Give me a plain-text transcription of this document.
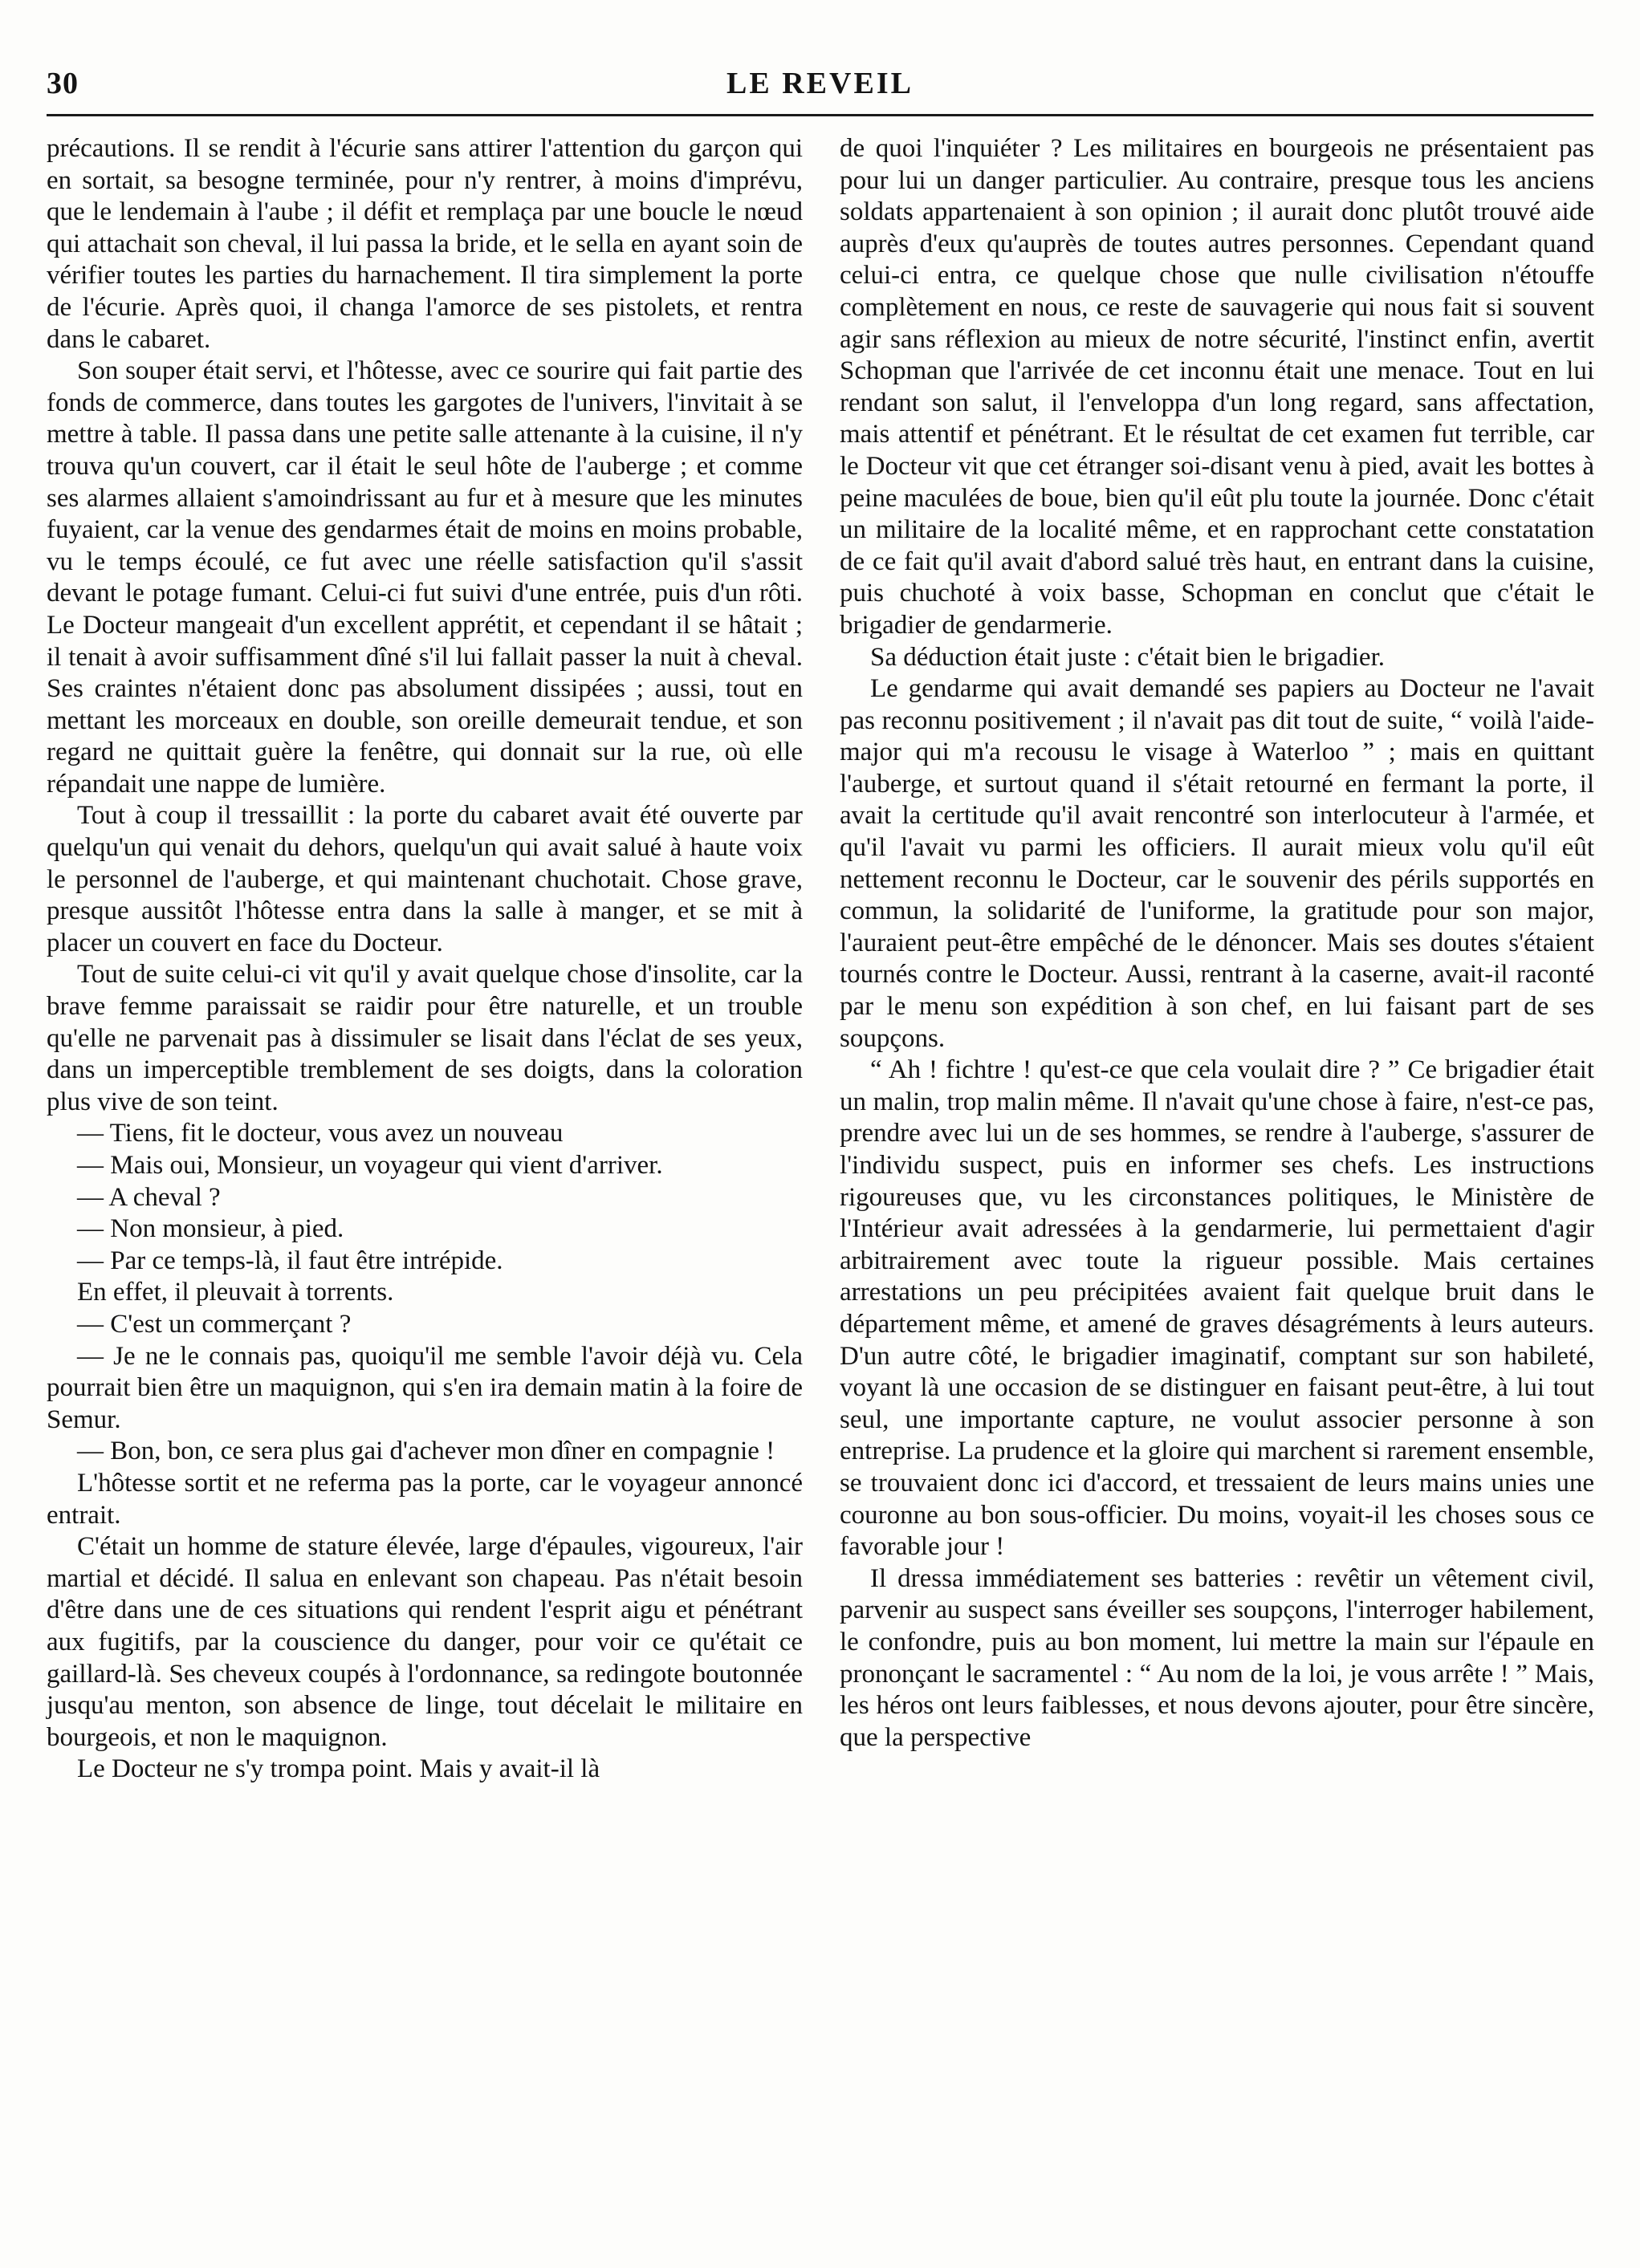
30	LE REVEIL

précautions. Il se rendit à l'écurie sans attirer l'attention du garçon qui en sortait, sa besogne terminée, pour n'y rentrer, à moins d'imprévu, que le lendemain à l'aube ; il défit et remplaça par une boucle le nœud qui attachait son cheval, il lui passa la bride, et le sella en ayant soin de vérifier toutes les parties du harnachement. Il tira simplement la porte de l'écurie. Après quoi, il changa l'amorce de ses pistolets, et rentra dans le cabaret.

Son souper était servi, et l'hôtesse, avec ce sourire qui fait partie des fonds de commerce, dans toutes les gargotes de l'univers, l'invitait à se mettre à table. Il passa dans une petite salle attenante à la cuisine, il n'y trouva qu'un couvert, car il était le seul hôte de l'auberge ; et comme ses alarmes allaient s'amoindrissant au fur et à mesure que les minutes fuyaient, car la venue des gendarmes était de moins en moins probable, vu le temps écoulé, ce fut avec une réelle satisfaction qu'il s'assit devant le potage fumant. Celui-ci fut suivi d'une entrée, puis d'un rôti. Le Docteur mangeait d'un excellent apprétit, et cependant il se hâtait ; il tenait à avoir suffisamment dîné s'il lui fallait passer la nuit à cheval. Ses craintes n'étaient donc pas absolument dissipées ; aussi, tout en mettant les morceaux en double, son oreille demeurait tendue, et son regard ne quittait guère la fenêtre, qui donnait sur la rue, où elle répandait une nappe de lumière.

Tout à coup il tressaillit : la porte du cabaret avait été ouverte par quelqu'un qui venait du dehors, quelqu'un qui avait salué à haute voix le personnel de l'auberge, et qui maintenant chuchotait. Chose grave, presque aussitôt l'hôtesse entra dans la salle à manger, et se mit à placer un couvert en face du Docteur.

Tout de suite celui-ci vit qu'il y avait quelque chose d'insolite, car la brave femme paraissait se raidir pour être naturelle, et un trouble qu'elle ne parvenait pas à dissimuler se lisait dans l'éclat de ses yeux, dans un imperceptible tremblement de ses doigts, dans la coloration plus vive de son teint.

— Tiens, fit le docteur, vous avez un nouveau

— Mais oui, Monsieur, un voyageur qui vient d'arriver.

— A cheval ?

— Non monsieur, à pied.

— Par ce temps-là, il faut être intrépide.

En effet, il pleuvait à torrents.

— C'est un commerçant ?

— Je ne le connais pas, quoiqu'il me semble l'avoir déjà vu. Cela pourrait bien être un maquignon, qui s'en ira demain matin à la foire de Semur.

— Bon, bon, ce sera plus gai d'achever mon dîner en compagnie !

L'hôtesse sortit et ne referma pas la porte, car le voyageur annoncé entrait.

C'était un homme de stature élevée, large d'épaules, vigoureux, l'air martial et décidé. Il salua en enlevant son chapeau. Pas n'était besoin d'être dans une de ces situations qui rendent l'esprit aigu et pénétrant aux fugitifs, par la couscience du danger, pour voir ce qu'était ce gaillard-là. Ses cheveux coupés à l'ordonnance, sa redingote boutonnée jusqu'au menton, son absence de linge, tout décelait le militaire en bourgeois, et non le maquignon.

Le Docteur ne s'y trompa point. Mais y avait-il là

de quoi l'inquiéter ? Les militaires en bourgeois ne présentaient pas pour lui un danger particulier. Au contraire, presque tous les anciens soldats appartenaient à son opinion ; il aurait donc plutôt trouvé aide auprès d'eux qu'auprès de toutes autres personnes. Cependant quand celui-ci entra, ce quelque chose que nulle civilisation n'étouffe complètement en nous, ce reste de sauvagerie qui nous fait si souvent agir sans réflexion au mieux de notre sécurité, l'instinct enfin, avertit Schopman que l'arrivée de cet inconnu était une menace. Tout en lui rendant son salut, il l'enveloppa d'un long regard, sans affectation, mais attentif et pénétrant. Et le résultat de cet examen fut terrible, car le Docteur vit que cet étranger soi-disant venu à pied, avait les bottes à peine maculées de boue, bien qu'il eût plu toute la journée. Donc c'était un militaire de la localité même, et en rapprochant cette constatation de ce fait qu'il avait d'abord salué très haut, en entrant dans la cuisine, puis chuchoté à voix basse, Schopman en conclut que c'était le brigadier de gendarmerie.

Sa déduction était juste : c'était bien le brigadier.

Le gendarme qui avait demandé ses papiers au Docteur ne l'avait pas reconnu positivement ; il n'avait pas dit tout de suite, “ voilà l'aide-major qui m'a recousu le visage à Waterloo ” ; mais en quittant l'auberge, et surtout quand il s'était retourné en fermant la porte, il avait la certitude qu'il avait rencontré son interlocuteur à l'armée, et qu'il l'avait vu parmi les officiers. Il aurait mieux volu qu'il eût nettement reconnu le Docteur, car le souvenir des périls supportés en commun, la solidarité de l'uniforme, la gratitude pour son major, l'auraient peut-être empêché de le dénoncer. Mais ses doutes s'étaient tournés contre le Docteur. Aussi, rentrant à la caserne, avait-il raconté par le menu son expédition à son chef, en lui faisant part de ses soupçons.

“ Ah ! fichtre ! qu'est-ce que cela voulait dire ? ” Ce brigadier était un malin, trop malin même. Il n'avait qu'une chose à faire, n'est-ce pas, prendre avec lui un de ses hommes, se rendre à l'auberge, s'assurer de l'individu suspect, puis en informer ses chefs. Les instructions rigoureuses que, vu les circonstances politiques, le Ministère de l'Intérieur avait adressées à la gendarmerie, lui permettaient d'agir arbitrairement avec toute la rigueur possible. Mais certaines arrestations un peu précipitées avaient fait quelque bruit dans le département même, et amené de graves désagréments à leurs auteurs. D'un autre côté, le brigadier imaginatif, comptant sur son habileté, voyant là une occasion de se distinguer en faisant peut-être, à lui tout seul, une importante capture, ne voulut associer personne à son entreprise. La prudence et la gloire qui marchent si rarement ensemble, se trouvaient donc ici d'accord, et tressaient de leurs mains unies une couronne au bon sous-officier. Du moins, voyait-il les choses sous ce favorable jour !

Il dressa immédiatement ses batteries : revêtir un vêtement civil, parvenir au suspect sans éveiller ses soupçons, l'interroger habilement, le confondre, puis au bon moment, lui mettre la main sur l'épaule en prononçant le sacramentel : “ Au nom de la loi, je vous arrête ! ” Mais, les héros ont leurs faiblesses, et nous devons ajouter, pour être sincère, que la perspective
